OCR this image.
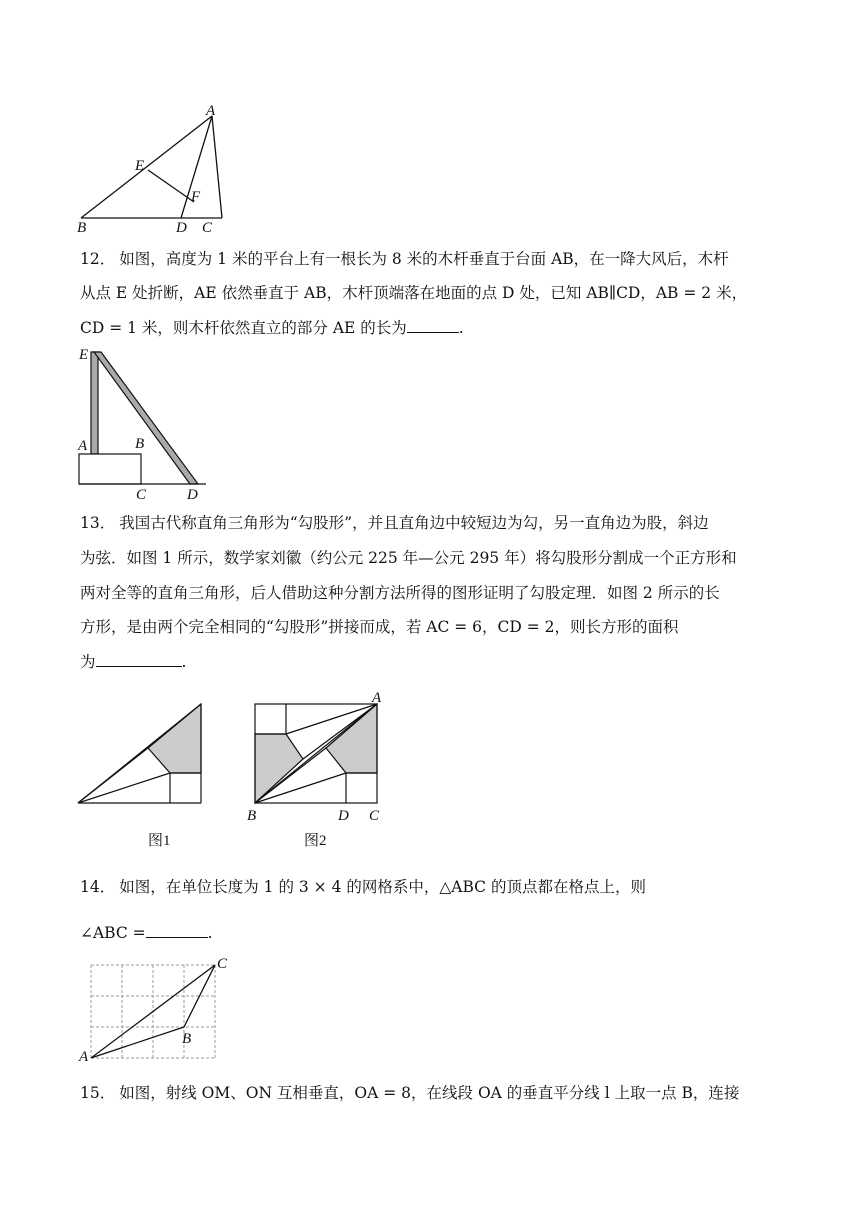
A
E
F
B	D C
12． 如图，高度为 1 米的平台上有一根长为 8 米的木杆垂直于台面 AB，在一降大风后，木杆
从点 E 处折断，AE 依然垂直于 AB，木杆顶端落在地面的点 D 处，已知 AB∥CD，AB = 2 米，
CD = 1 米，则木杆依然直立的部分 AE 的长为	.
E
A	B
C	D
13． 我国古代称直角三角形为“勾股形”，并且直角边中较短边为勾，另一直角边为股，斜边
为弦．如图 1 所示，数学家刘徽（约公元 225 年—公元 295 年）将勾股形分割成一个正方形和
两对全等的直角三角形，后人借助这种分割方法所得的图形证明了勾股定理．如图 2 所示的长
方形，是由两个完全相同的“勾股形”拼接而成，若 AC = 6，CD = 2，则长方形的面积
为	.
图1
A
B	D C
图2
14． 如图，在单位长度为 1 的 3 × 4 的网格系中，△ABC 的顶点都在格点上，则
∠ABC =	.
C
B
A
15． 如图，射线 OM、ON 互相垂直，OA = 8，在线段 OA 的垂直平分线 l 上取一点 B，连接
